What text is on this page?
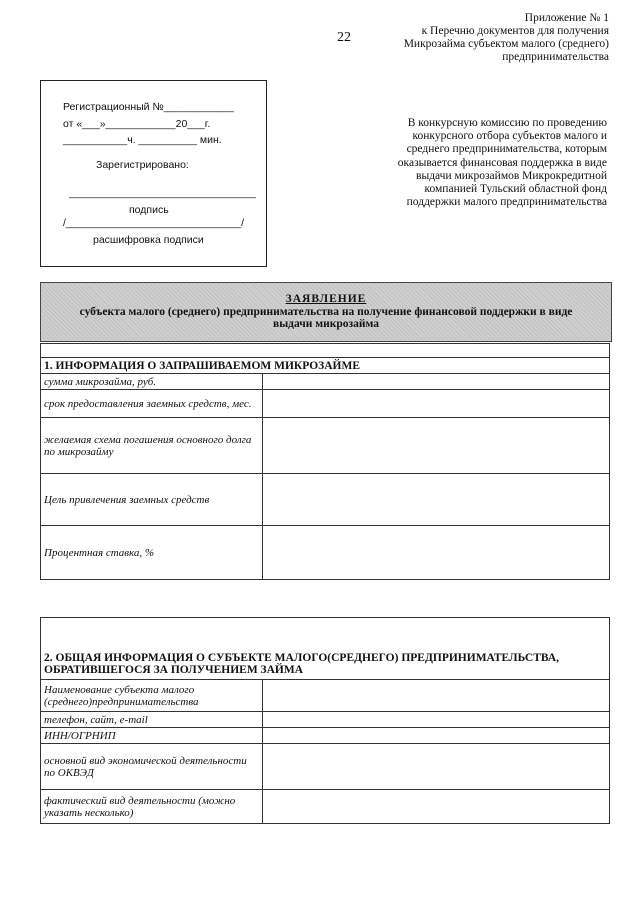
22
Приложение № 1
к Перечню документов для получения
Микрозайма субъектом малого (среднего)
предпринимательства
Регистрационный №____________
от «___»____________20___г.
___________ч. __________ мин.
Зарегистрировано:
________________________________
подпись
/______________________________/
расшифровка подписи
В конкурсную комиссию по проведению
конкурсного отбора субъектов малого и
среднего предпринимательства, которым
оказывается финансовая поддержка в виде
выдачи микрозаймов Микрокредитной
компанией Тульский областной фонд
поддержки малого предпринимательства
ЗАЯВЛЕНИЕ
субъекта малого (среднего) предпринимательства на получение финансовой поддержки в виде
выдачи микрозайма

1. ИНФОРМАЦИЯ О ЗАПРАШИВАЕМОМ МИКРОЗАЙМЕ	
сумма микрозайма, руб.	
срок предоставления заемных средств, мес.	
желаемая схема погашения основного долга по микрозайму	
Цель привлечения заемных средств	
Процентная ставка, %	
2. ОБЩАЯ ИНФОРМАЦИЯ О СУБЪЕКТЕ МАЛОГО(СРЕДНЕГО) ПРЕДПРИНИМАТЕЛЬСТВА, ОБРАТИВШЕГОСЯ ЗА ПОЛУЧЕНИЕМ ЗАЙМА	
Наименование субъекта малого (среднего)предпринимательства	
телефон, сайт, e-mail	
ИНН/ОГРНИП	
основной вид экономической деятельности по ОКВЭД	
фактический вид деятельности (можно указать несколько)	
